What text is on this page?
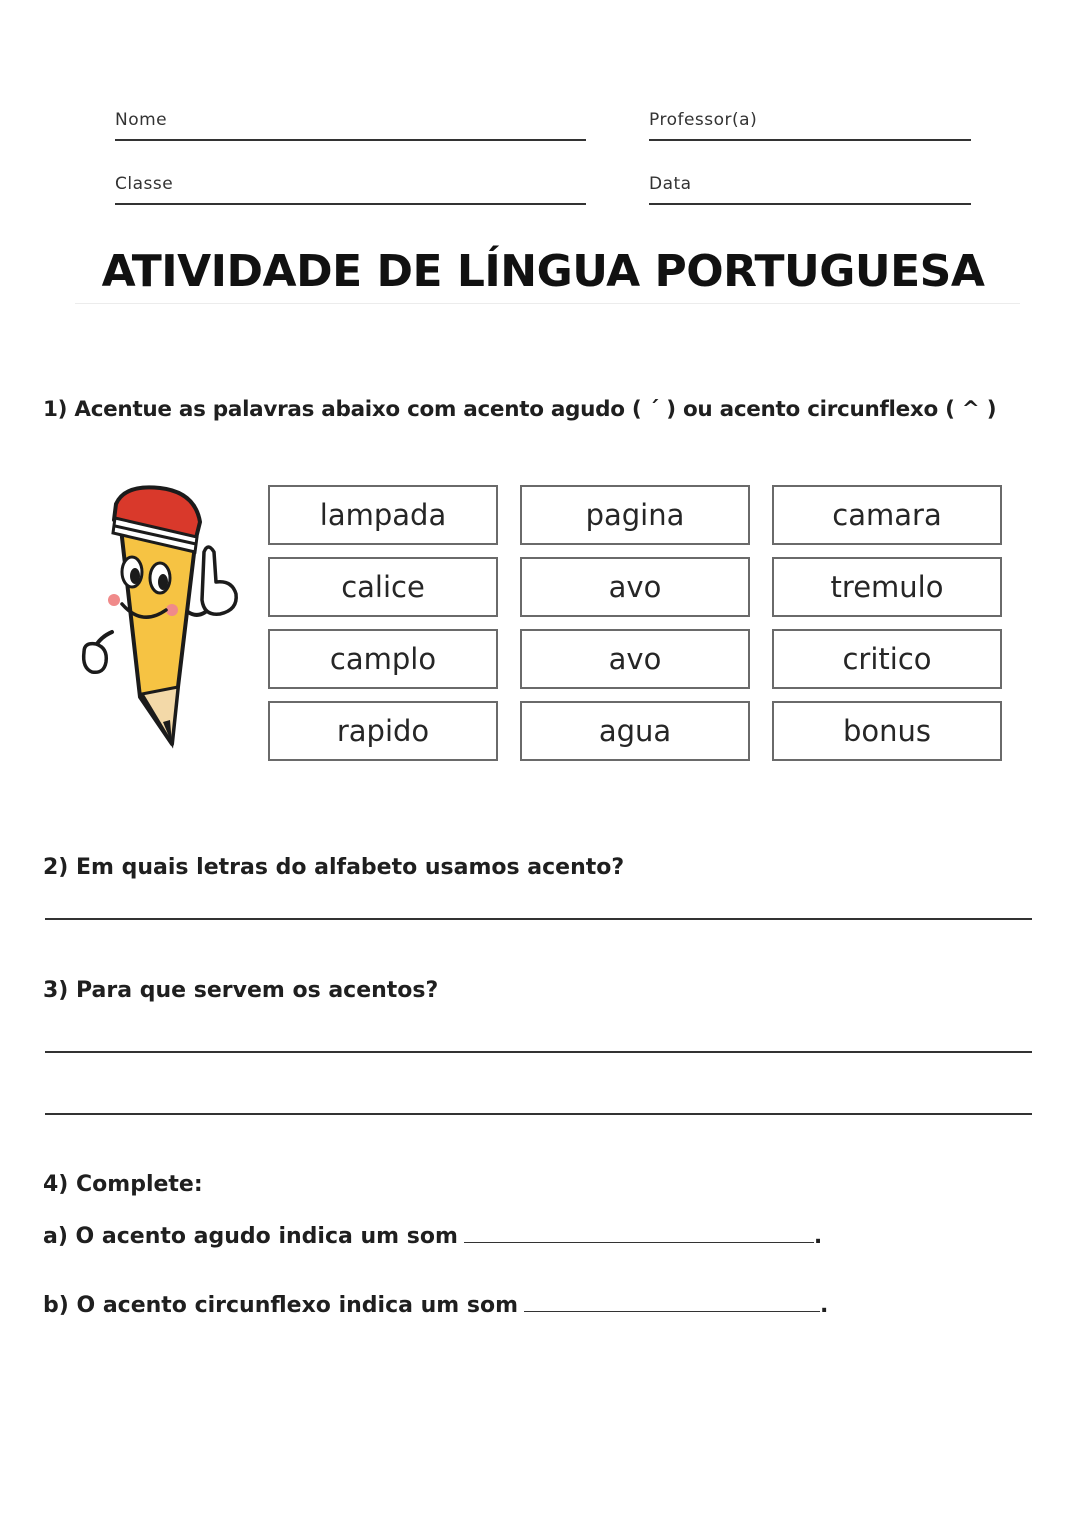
Nome	Professor(a)
Classe	Data
ATIVIDADE DE LÍNGUA PORTUGUESA
1) Acentue as palavras abaixo com acento agudo ( ´ ) ou acento circunflexo ( ^ )
lampada	pagina	camara
calice	avo	tremulo
camplo	avo	critico
rapido	agua	bonus
2) Em quais letras do alfabeto usamos acento?
3) Para que servem os acentos?
4) Complete:
a) O acento agudo indica um som	.
b) O acento circunflexo indica um som	.
